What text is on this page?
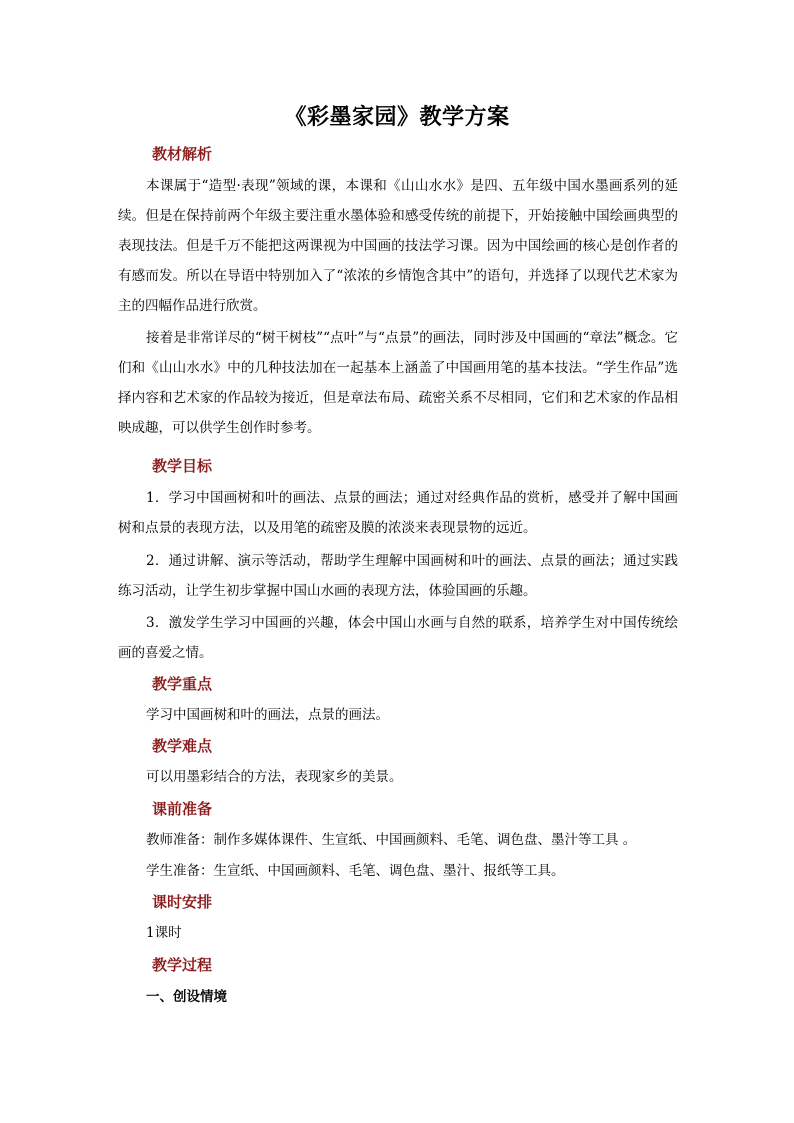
《彩墨家园》教学方案
教材解析
本课属于“造型·表现”领域的课，本课和《山山水水》是四、五年级中国水墨画系列的延续。但是在保持前两个年级主要注重水墨体验和感受传统的前提下，开始接触中国绘画典型的表现技法。但是千万不能把这两课视为中国画的技法学习课。因为中国绘画的核心是创作者的有感而发。所以在导语中特别加入了“浓浓的乡情饱含其中”的语句，并选择了以现代艺术家为主的四幅作品进行欣赏。
接着是非常详尽的“树干树枝”“点叶”与“点景”的画法，同时涉及中国画的“章法”概念。它们和《山山水水》中的几种技法加在一起基本上涵盖了中国画用笔的基本技法。“学生作品”选择内容和艺术家的作品较为接近，但是章法布局、疏密关系不尽相同，它们和艺术家的作品相映成趣，可以供学生创作时参考。
教学目标
1．学习中国画树和叶的画法、点景的画法；通过对经典作品的赏析，感受并了解中国画树和点景的表现方法，以及用笔的疏密及膜的浓淡来表现景物的远近。
2．通过讲解、演示等活动，帮助学生理解中国画树和叶的画法、点景的画法；通过实践练习活动，让学生初步掌握中国山水画的表现方法，体验国画的乐趣。
3．激发学生学习中国画的兴趣，体会中国山水画与自然的联系，培养学生对中国传统绘画的喜爱之情。
教学重点
学习中国画树和叶的画法，点景的画法。
教学难点
可以用墨彩结合的方法，表现家乡的美景。
课前准备
教师准备：制作多媒体课件、生宣纸、中国画颜料、毛笔、调色盘、墨汁等工具 。
学生准备：生宣纸、中国画颜料、毛笔、调色盘、墨汁、报纸等工具。
课时安排
1课时
教学过程
一、创设情境
